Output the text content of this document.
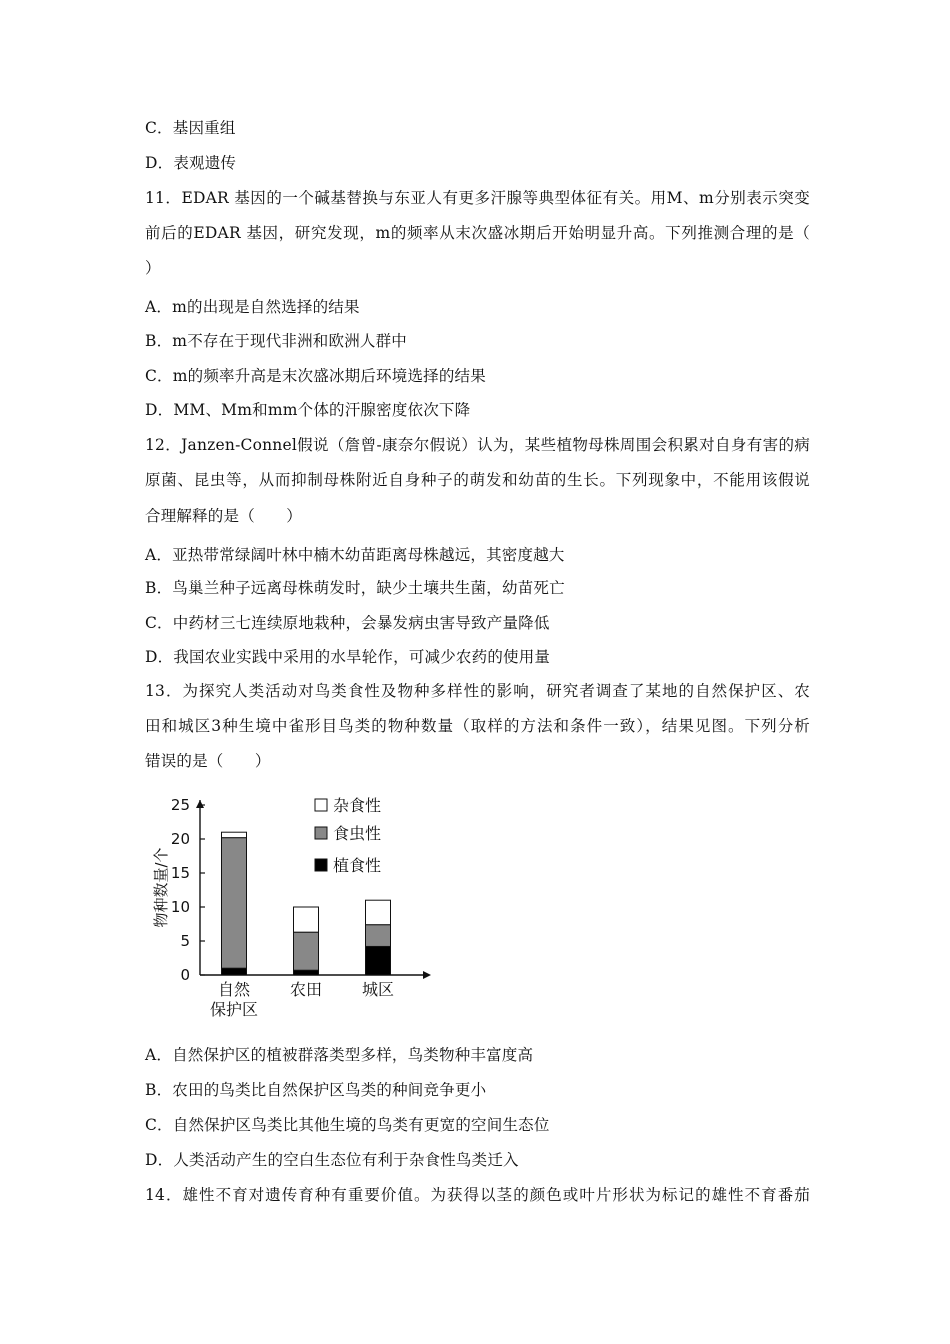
C．基因重组
D．表观遗传
11．EDAR 基因的一个碱基替换与东亚人有更多汗腺等典型体征有关。用M、m分别表示突变
前后的EDAR 基因，研究发现，m的频率从末次盛冰期后开始明显升高。下列推测合理的是（
）
A．m的出现是自然选择的结果
B．m不存在于现代非洲和欧洲人群中
C．m的频率升高是末次盛冰期后环境选择的结果
D．MM、Mm和mm个体的汗腺密度依次下降
12．Janzen-Connel假说（詹曾-康奈尔假说）认为，某些植物母株周围会积累对自身有害的病
原菌、昆虫等，从而抑制母株附近自身种子的萌发和幼苗的生长。下列现象中，不能用该假说
合理解释的是（　　）
A．亚热带常绿阔叶林中楠木幼苗距离母株越远，其密度越大
B．鸟巢兰种子远离母株萌发时，缺少土壤共生菌，幼苗死亡
C．中药材三七连续原地栽种，会暴发病虫害导致产量降低
D．我国农业实践中采用的水旱轮作，可减少农药的使用量
13．为探究人类活动对鸟类食性及物种多样性的影响，研究者调查了某地的自然保护区、农
田和城区3种生境中雀形目鸟类的物种数量（取样的方法和条件一致），结果见图。下列分析
错误的是（　　）
A．自然保护区的植被群落类型多样，鸟类物种丰富度高
B．农田的鸟类比自然保护区鸟类的种间竞争更小
C．自然保护区鸟类比其他生境的鸟类有更宽的空间生态位
D．人类活动产生的空白生态位有利于杂食性鸟类迁入
14．雄性不育对遗传育种有重要价值。为获得以茎的颜色或叶片形状为标记的雄性不育番茄
0
5
10
15
20
25
物种数量/个
自然
保护区
农田 城区
杂食性
食虫性
植食性
